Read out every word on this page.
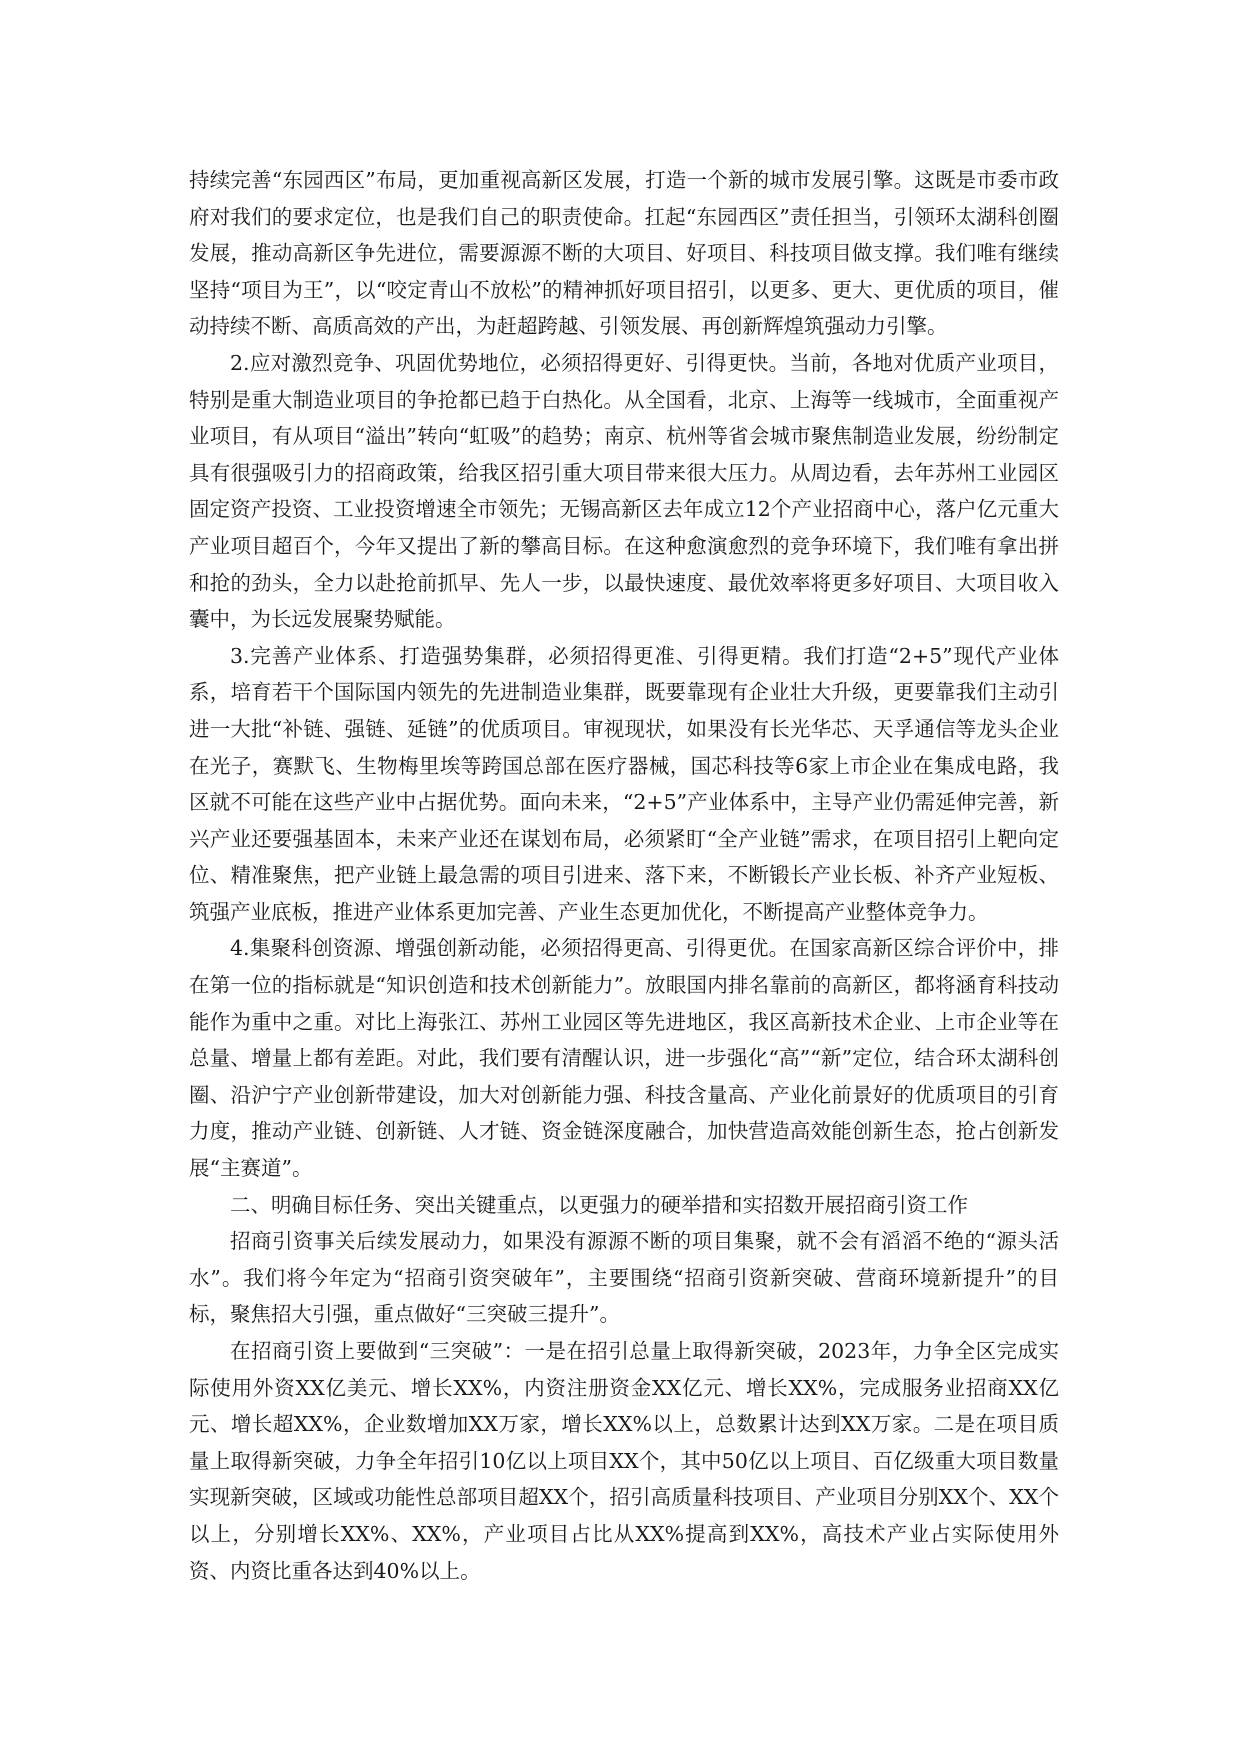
持续完善“东园西区”布局，更加重视高新区发展，打造一个新的城市发展引擎。这既是市委市政府对我们的要求定位，也是我们自己的职责使命。扛起“东园西区”责任担当，引领环太湖科创圈发展，推动高新区争先进位，需要源源不断的大项目、好项目、科技项目做支撑。我们唯有继续坚持“项目为王”，以“咬定青山不放松”的精神抓好项目招引，以更多、更大、更优质的项目，催动持续不断、高质高效的产出，为赶超跨越、引领发展、再创新辉煌筑强动力引擎。

2.应对激烈竞争、巩固优势地位，必须招得更好、引得更快。当前，各地对优质产业项目，特别是重大制造业项目的争抢都已趋于白热化。从全国看，北京、上海等一线城市，全面重视产业项目，有从项目“溢出”转向“虹吸”的趋势；南京、杭州等省会城市聚焦制造业发展，纷纷制定具有很强吸引力的招商政策，给我区招引重大项目带来很大压力。从周边看，去年苏州工业园区固定资产投资、工业投资增速全市领先；无锡高新区去年成立12个产业招商中心，落户亿元重大产业项目超百个，今年又提出了新的攀高目标。在这种愈演愈烈的竞争环境下，我们唯有拿出拼和抢的劲头，全力以赴抢前抓早、先人一步，以最快速度、最优效率将更多好项目、大项目收入囊中，为长远发展聚势赋能。

3.完善产业体系、打造强势集群，必须招得更准、引得更精。我们打造“2+5”现代产业体系，培育若干个国际国内领先的先进制造业集群，既要靠现有企业壮大升级，更要靠我们主动引进一大批“补链、强链、延链”的优质项目。审视现状，如果没有长光华芯、天孚通信等龙头企业在光子，赛默飞、生物梅里埃等跨国总部在医疗器械，国芯科技等6家上市企业在集成电路，我区就不可能在这些产业中占据优势。面向未来，“2+5”产业体系中，主导产业仍需延伸完善，新兴产业还要强基固本，未来产业还在谋划布局，必须紧盯“全产业链”需求，在项目招引上靶向定位、精准聚焦，把产业链上最急需的项目引进来、落下来，不断锻长产业长板、补齐产业短板、筑强产业底板，推进产业体系更加完善、产业生态更加优化，不断提高产业整体竞争力。

4.集聚科创资源、增强创新动能，必须招得更高、引得更优。在国家高新区综合评价中，排在第一位的指标就是“知识创造和技术创新能力”。放眼国内排名靠前的高新区，都将涵育科技动能作为重中之重。对比上海张江、苏州工业园区等先进地区，我区高新技术企业、上市企业等在总量、增量上都有差距。对此，我们要有清醒认识，进一步强化“高”“新”定位，结合环太湖科创圈、沿沪宁产业创新带建设，加大对创新能力强、科技含量高、产业化前景好的优质项目的引育力度，推动产业链、创新链、人才链、资金链深度融合，加快营造高效能创新生态，抢占创新发展“主赛道”。

二、明确目标任务、突出关键重点，以更强力的硬举措和实招数开展招商引资工作

招商引资事关后续发展动力，如果没有源源不断的项目集聚，就不会有滔滔不绝的“源头活水”。我们将今年定为“招商引资突破年”，主要围绕“招商引资新突破、营商环境新提升”的目标，聚焦招大引强，重点做好“三突破三提升”。

在招商引资上要做到“三突破”：一是在招引总量上取得新突破，2023年，力争全区完成实际使用外资XX亿美元、增长XX%，内资注册资金XX亿元、增长XX%，完成服务业招商XX亿元、增长超XX%，企业数增加XX万家，增长XX%以上，总数累计达到XX万家。二是在项目质量上取得新突破，力争全年招引10亿以上项目XX个，其中50亿以上项目、百亿级重大项目数量实现新突破，区域或功能性总部项目超XX个，招引高质量科技项目、产业项目分别XX个、XX个以上，分别增长XX%、XX%，产业项目占比从XX%提高到XX%，高技术产业占实际使用外资、内资比重各达到40%以上。
